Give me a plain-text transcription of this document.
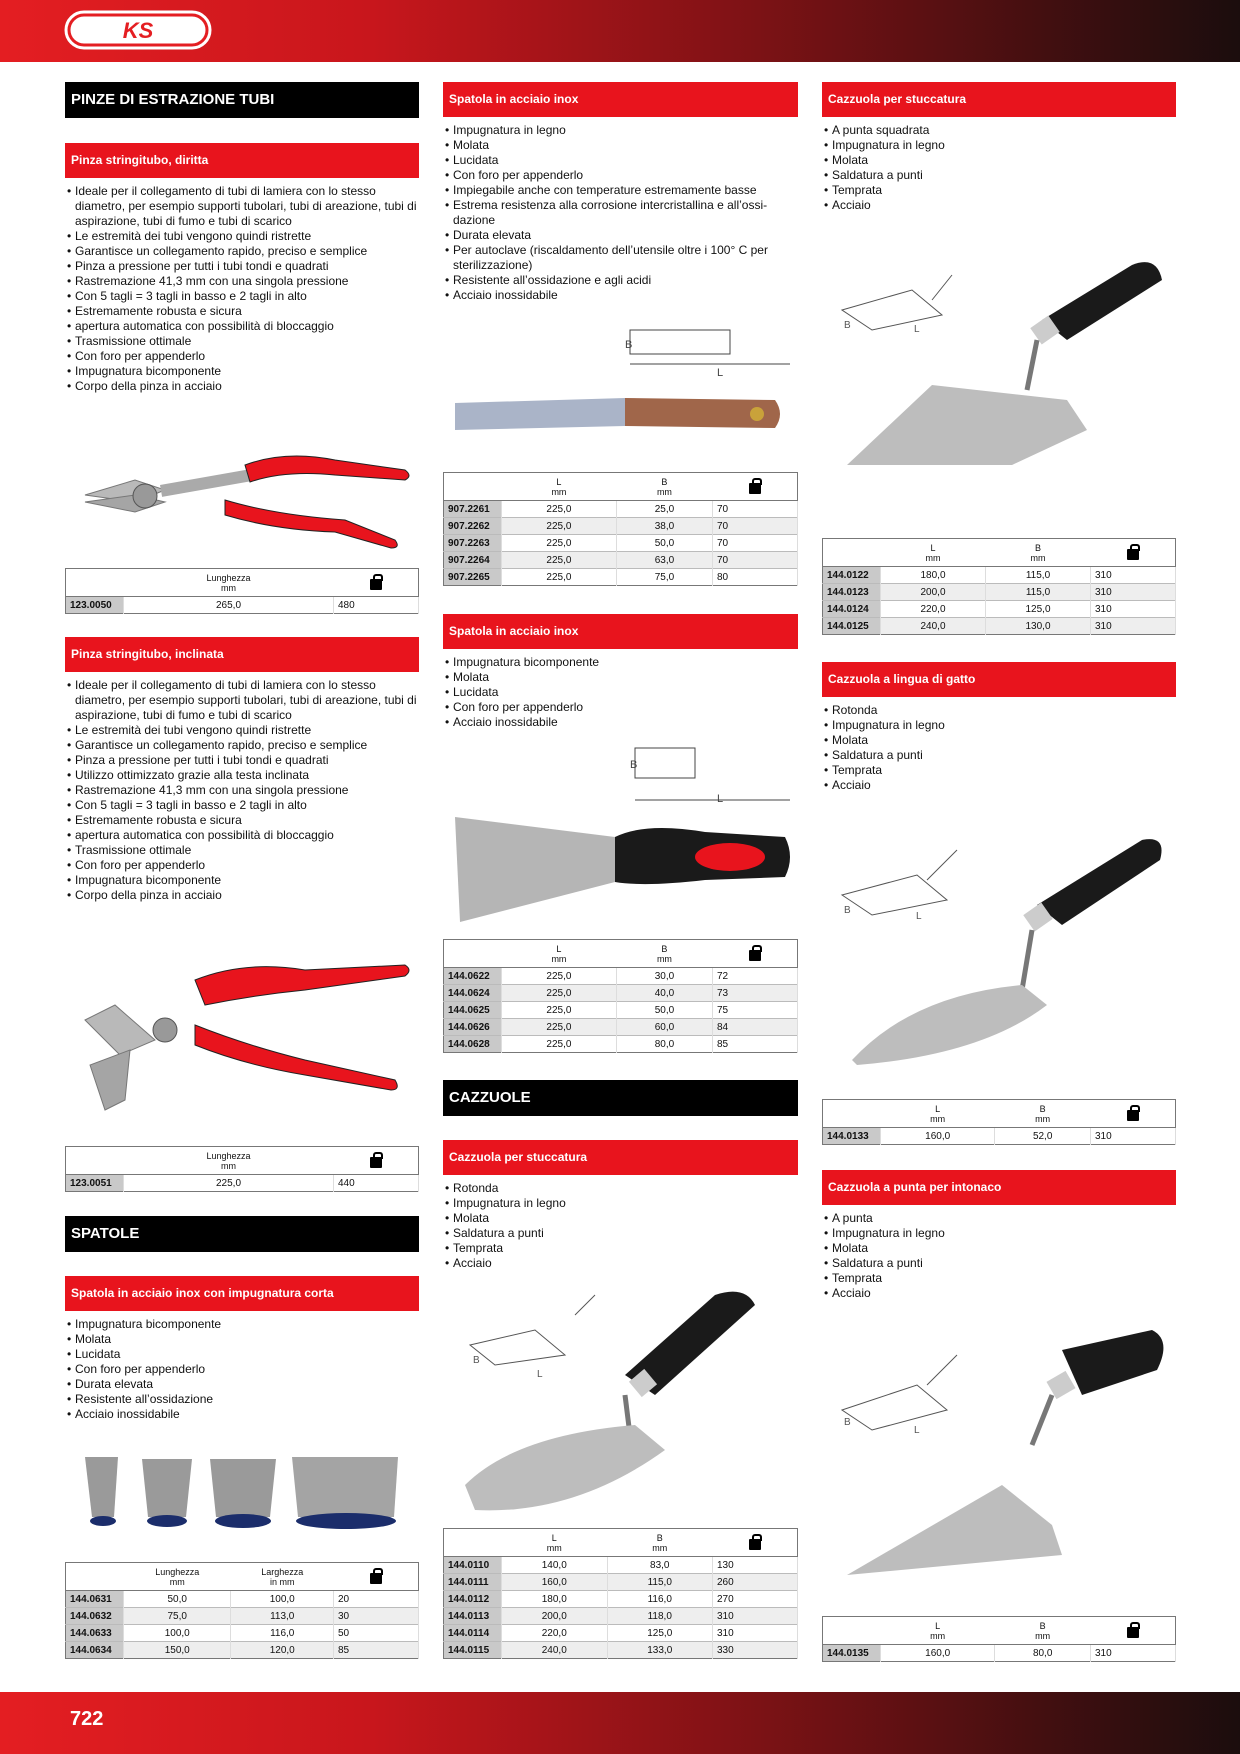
KS
722
PINZE DI ESTRAZIONE TUBI
Pinza stringitubo, diritta
• Ideale per il collegamento di tubi di lamiera con lo stesso diametro, per esempio supporti tubolari, tubi di areazione, tubi di aspirazione, tubi di fumo e tubi di scarico
• Le estremità dei tubi vengono quindi ristrette
• Garantisce un collegamento rapido, preciso e semplice
• Pinza a pressione per tutti i tubi tondi e quadrati
• Rastremazione 41,3 mm con una singola pressione
• Con 5 tagli = 3 tagli in basso e 2 tagli in alto
• Estremamente robusta e sicura
• apertura automatica con possibilità di bloccaggio
• Trasmissione ottimale
• Con foro per appenderlo
• Impugnatura bicomponente
• Corpo della pinza in acciaio
	Lunghezza
mm	
123.0050	265,0	480
Pinza stringitubo, inclinata
• Ideale per il collegamento di tubi di lamiera con lo stesso diametro, per esempio supporti tubolari, tubi di areazione, tubi di aspirazione, tubi di fumo e tubi di scarico
• Le estremità dei tubi vengono quindi ristrette
• Garantisce un collegamento rapido, preciso e semplice
• Pinza a pressione per tutti i tubi tondi e quadrati
• Utilizzo ottimizzato grazie alla testa inclinata
• Rastremazione 41,3 mm con una singola pressione
• Con 5 tagli = 3 tagli in basso e 2 tagli in alto
• Estremamente robusta e sicura
• apertura automatica con possibilità di bloccaggio
• Trasmissione ottimale
• Con foro per appenderlo
• Impugnatura bicomponente
• Corpo della pinza in acciaio
	Lunghezza
mm	
123.0051	225,0	440
SPATOLE
Spatola in acciaio inox con impugnatura corta
• Impugnatura bicomponente
• Molata
• Lucidata
• Con foro per appenderlo
• Durata elevata
• Resistente all’ossidazione
• Acciaio inossidabile
	Lunghezza
mm	Larghezza
in mm	
144.0631	50,0	100,0	20
144.0632	75,0	113,0	30
144.0633	100,0	116,0	50
144.0634	150,0	120,0	85
Spatola in acciaio inox
• Impugnatura in legno
• Molata
• Lucidata
• Con foro per appenderlo
• Impiegabile anche con temperature estremamente basse
• Estrema resistenza alla corrosione intercristallina e all’ossi-dazione
• Durata elevata
• Per autoclave (riscaldamento dell’utensile oltre i 100° C per sterilizzazione)
• Resistente all’ossidazione e agli acidi
• Acciaio inossidabile
B
L
	L
mm	B
mm	
907.2261	225,0	25,0	70
907.2262	225,0	38,0	70
907.2263	225,0	50,0	70
907.2264	225,0	63,0	70
907.2265	225,0	75,0	80
Spatola in acciaio inox
• Impugnatura bicomponente
• Molata
• Lucidata
• Con foro per appenderlo
• Acciaio inossidabile
B
L
	L
mm	B
mm	
144.0622	225,0	30,0	72
144.0624	225,0	40,0	73
144.0625	225,0	50,0	75
144.0626	225,0	60,0	84
144.0628	225,0	80,0	85
CAZZUOLE
Cazzuola per stuccatura
• Rotonda
• Impugnatura in legno
• Molata
• Saldatura a punti
• Temprata
• Acciaio
B
L
	L
mm	B
mm	
144.0110	140,0	83,0	130
144.0111	160,0	115,0	260
144.0112	180,0	116,0	270
144.0113	200,0	118,0	310
144.0114	220,0	125,0	310
144.0115	240,0	133,0	330
Cazzuola per stuccatura
• A punta squadrata
• Impugnatura in legno
• Molata
• Saldatura a punti
• Temprata
• Acciaio
B	L
	L
mm	B
mm	
144.0122	180,0	115,0	310
144.0123	200,0	115,0	310
144.0124	220,0	125,0	310
144.0125	240,0	130,0	310
Cazzuola a lingua di gatto
• Rotonda
• Impugnatura in legno
• Molata
• Saldatura a punti
• Temprata
• Acciaio
B
L
	L
mm	B
mm	
144.0133	160,0	52,0	310
Cazzuola a punta per intonaco
• A punta
• Impugnatura in legno
• Molata
• Saldatura a punti
• Temprata
• Acciaio
B
L
	L
mm	B
mm	
144.0135	160,0	80,0	310
